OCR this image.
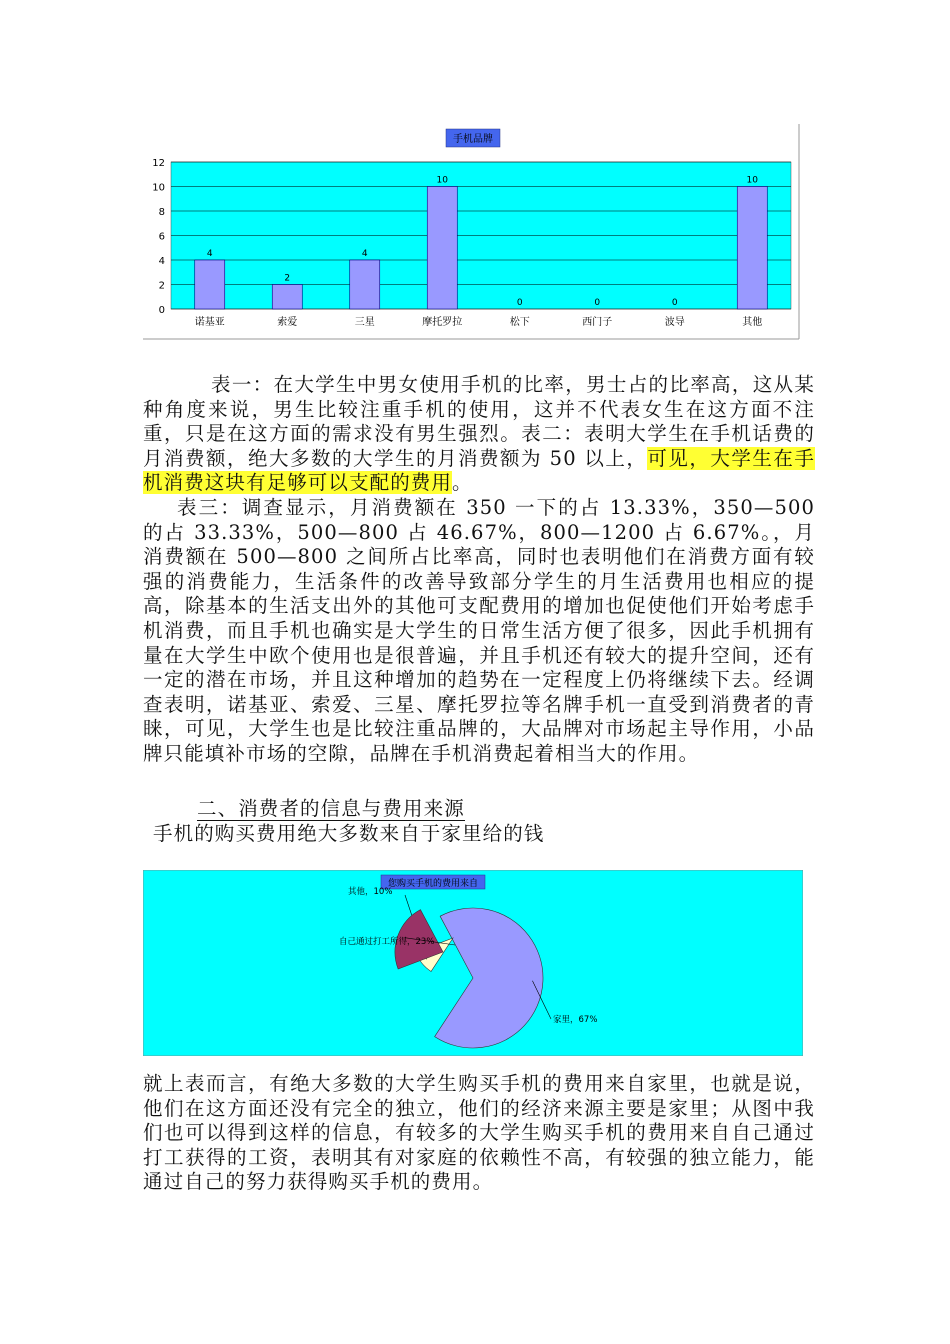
手机品牌
0
2
4
6
8
10
12
4
诺基亚
2
索爱
4
三星
10
摩托罗拉
0
松下
0
西门子
0
波导
10
其他
表一：在大学生中男女使用手机的比率，男士占的比率高，这从某种角度来说，男生比较注重手机的使用，这并不代表女生在这方面不注重，只是在这方面的需求没有男生强烈。表二：表明大学生在手机话费的月消费额，绝大多数的大学生的月消费额为 50 以上，可见，大学生在手机消费这块有足够可以支配的费用。
表三：调查显示，月消费额在 350 一下的占 13.33%，350—500 的占 33.33%，500—800 占 46.67%，800—1200 占 6.67%。，月消费额在 500—800 之间所占比率高，同时也表明他们在消费方面有较强的消费能力，生活条件的改善导致部分学生的月生活费用也相应的提高，除基本的生活支出外的其他可支配费用的增加也促使他们开始考虑手机消费，而且手机也确实是大学生的日常生活方便了很多，因此手机拥有量在大学生中欧个使用也是很普遍，并且手机还有较大的提升空间，还有一定的潜在市场，并且这种增加的趋势在一定程度上仍将继续下去。经调查表明，诺基亚、索爱、三星、摩托罗拉等名牌手机一直受到消费者的青睐，可见，大学生也是比较注重品牌的，大品牌对市场起主导作用，小品牌只能填补市场的空隙，品牌在手机消费起着相当大的作用。
二、消费者的信息与费用来源
手机的购买费用绝大多数来自于家里给的钱
您购买手机的费用来自
家里，67%
其他，10%
自己通过打工所得，23%
就上表而言，有绝大多数的大学生购买手机的费用来自家里，也就是说，他们在这方面还没有完全的独立，他们的经济来源主要是家里；从图中我们也可以得到这样的信息，有较多的大学生购买手机的费用来自自己通过打工获得的工资，表明其有对家庭的依赖性不高，有较强的独立能力，能通过自己的努力获得购买手机的费用。
